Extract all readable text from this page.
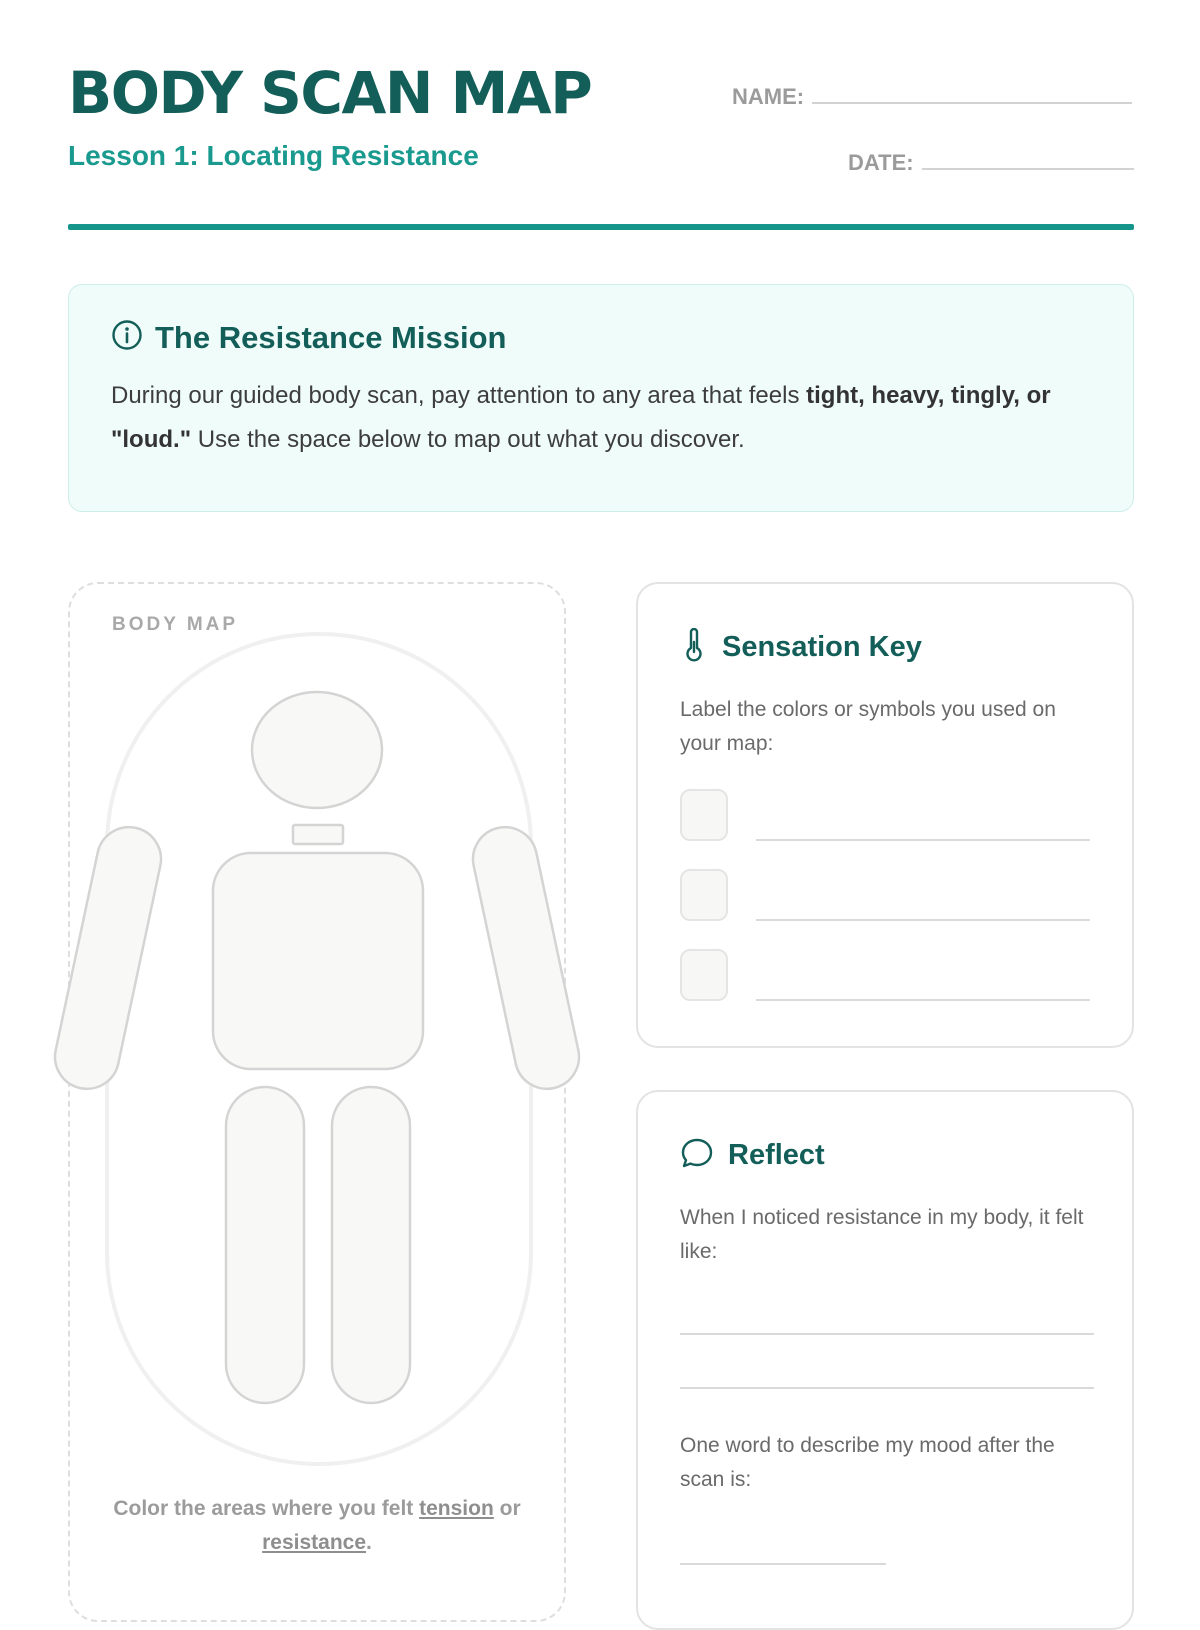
BODY SCAN MAP
Lesson 1: Locating Resistance
NAME:
DATE:
The Resistance Mission

During our guided body scan, pay attention to any area that feels tight, heavy, tingly, or "loud." Use the space below to map out what you discover.

BODY MAP
Color the areas where you felt tension or resistance.
Sensation Key

Label the colors or symbols you used on your map:

Reflect

When I noticed resistance in my body, it felt like:

One word to describe my mood after the scan is:
